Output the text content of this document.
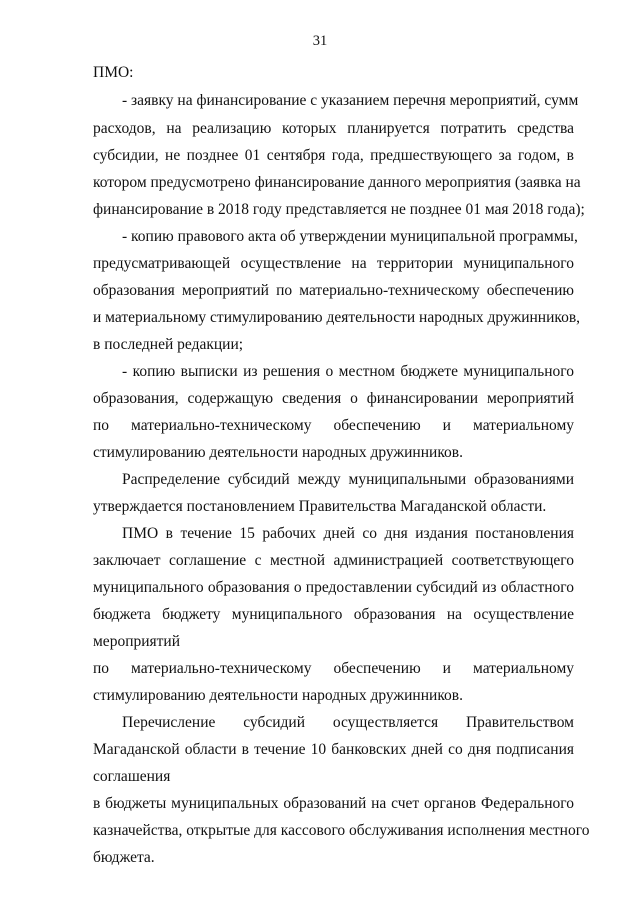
31
ПМО:
- заявку на финансирование с указанием перечня мероприятий, сумм
расходов, на реализацию которых планируется потратить средства
субсидии, не позднее 01 сентября года, предшествующего за годом, в
котором предусмотрено финансирование данного мероприятия (заявка на
финансирование в 2018 году представляется не позднее 01 мая 2018 года);
- копию правового акта об утверждении муниципальной программы,
предусматривающей осуществление на территории муниципального
образования мероприятий по материально-техническому обеспечению
и материальному стимулированию деятельности народных дружинников,
в последней редакции;
- копию выписки из решения о местном бюджете муниципального
образования, содержащую сведения о финансировании мероприятий
по материально-техническому обеспечению и материальному
стимулированию деятельности народных дружинников.
Распределение субсидий между муниципальными образованиями
утверждается постановлением Правительства Магаданской области.
ПМО в течение 15 рабочих дней со дня издания постановления
заключает соглашение с местной администрацией соответствующего
муниципального образования о предоставлении субсидий из областного
бюджета бюджету муниципального образования на осуществление
мероприятий
по материально-техническому обеспечению и материальному
стимулированию деятельности народных дружинников.
Перечисление субсидий осуществляется Правительством
Магаданской области в течение 10 банковских дней со дня подписания
соглашения
в бюджеты муниципальных образований на счет органов Федерального
казначейства, открытые для кассового обслуживания исполнения местного
бюджета.
